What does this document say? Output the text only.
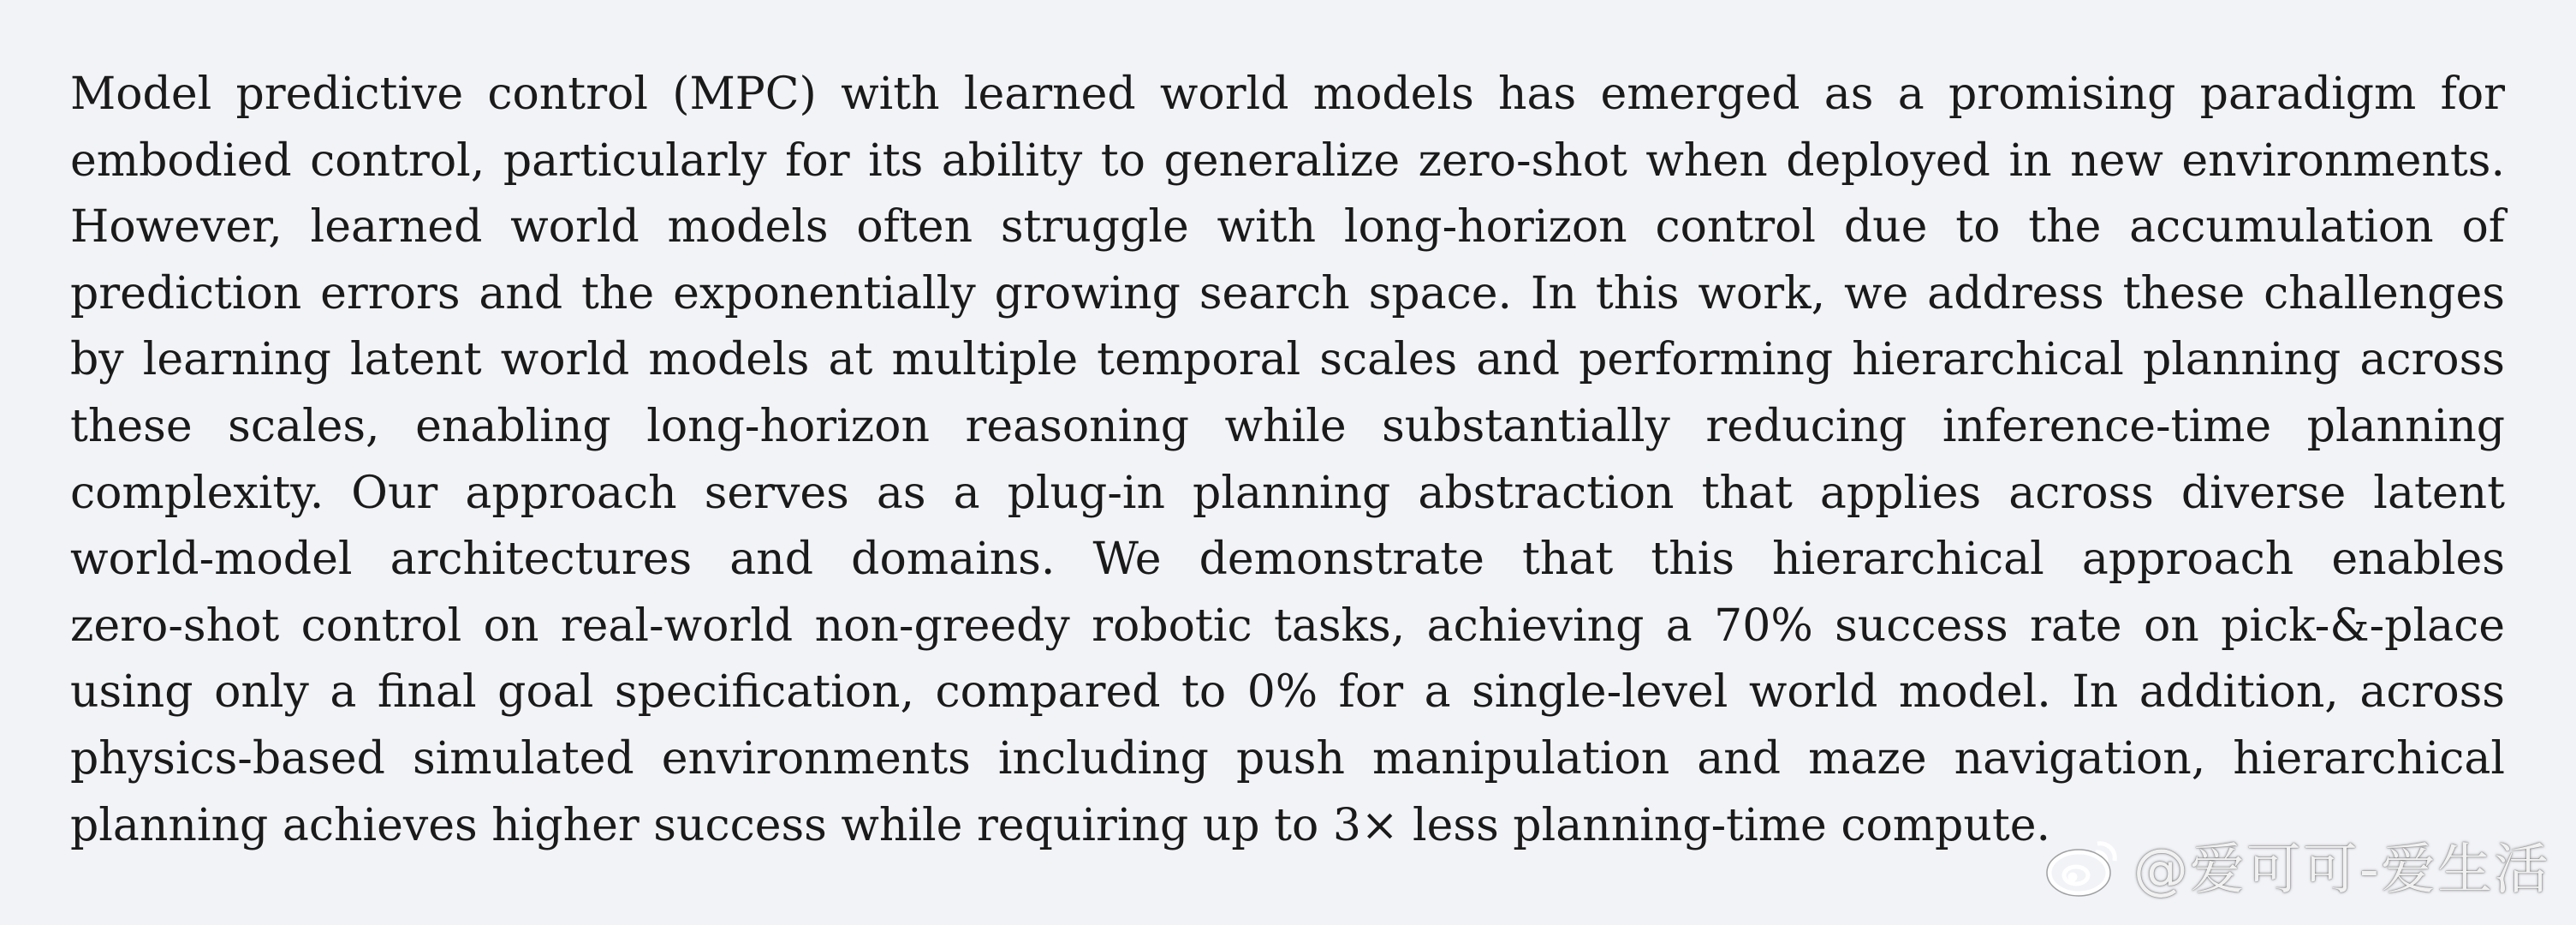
Model predictive control (MPC) with learned world models has emerged as a promising paradigm for
embodied control, particularly for its ability to generalize zero-shot when deployed in new environments.
However, learned world models often struggle with long-horizon control due to the accumulation of
prediction errors and the exponentially growing search space. In this work, we address these challenges
by learning latent world models at multiple temporal scales and performing hierarchical planning across
these scales, enabling long-horizon reasoning while substantially reducing inference-time planning
complexity. Our approach serves as a plug-in planning abstraction that applies across diverse latent
world-model architectures and domains. We demonstrate that this hierarchical approach enables
zero-shot control on real-world non-greedy robotic tasks, achieving a 70% success rate on pick-&-place
using only a final goal specification, compared to 0% for a single-level world model. In addition, across
physics-based simulated environments including push manipulation and maze navigation, hierarchical
planning achieves higher success while requiring up to 3× less planning-time compute.
@爱可可-爱生活
